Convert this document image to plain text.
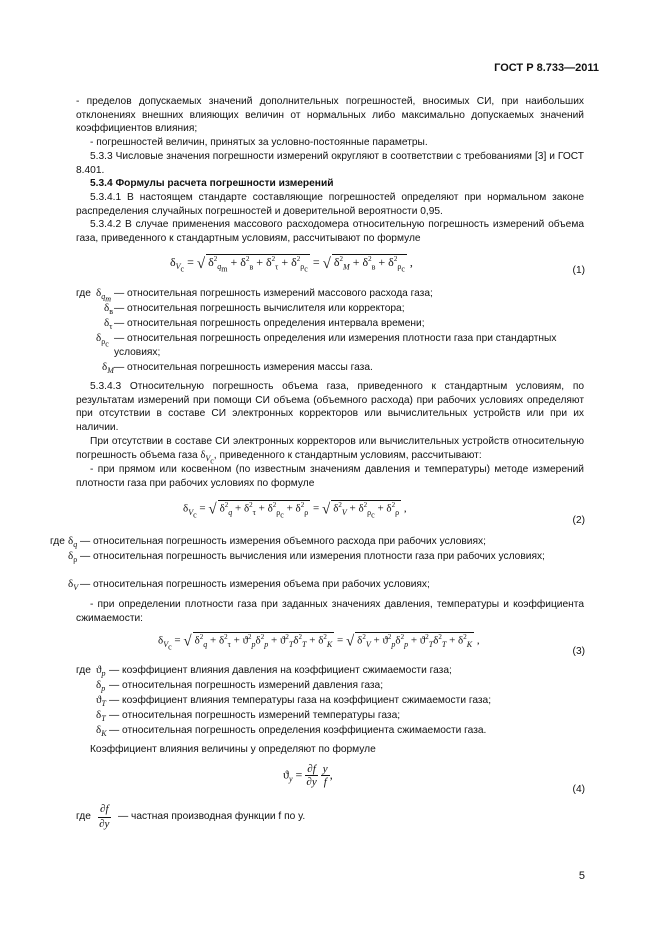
ГОСТ Р 8.733—2011
- пределов допускаемых значений дополнительных погрешностей, вносимых СИ, при наибольших отклонениях внешних влияющих величин от нормальных либо максимально допускаемых значений коэффициентов влияния;
- погрешностей величин, принятых за условно-постоянные параметры.
5.3.3 Числовые значения погрешности измерений округляют в соответствии с требованиями [3] и ГОСТ 8.401.
5.3.4 Формулы расчета погрешности измерений
5.3.4.1 В настоящем стандарте составляющие погрешностей определяют при нормальном законе распределения случайных погрешностей и доверительной вероятности 0,95.
5.3.4.2 В случае применения массового расходомера относительную погрешность измерений объема газа, приведенного к стандартным условиям, рассчитывают по формуле
$\delta_{V_c}$ = √ $\delta^2_{q_m} + \delta^2_в + \delta^2_\tau + \delta^2_{\rho_c}$ = √ $\delta^2_M + \delta^2_в + \delta^2_{\rho_c}$ ,
(1)
где $\delta_{q_m}$
— относительная погрешность измерений массового расхода газа;
$\delta_в$ — относительная погрешность вычислителя или корректора;
$\delta_\tau$ — относительная погрешность определения интервала времени;
$\delta_{\rho_c}$
— относительная погрешность определения или измерения плотности газа при стандартных условиях;
$\delta_M$ — относительная погрешность измерения массы газа.
5.3.4.3 Относительную погрешность объема газа, приведенного к стандартным условиям, по результатам измерений при помощи СИ объема (объемного расхода) при рабочих условиях определяют при отсутствии в составе СИ электронных корректоров или вычислительных устройств или при их наличии.
При отсутствии в составе СИ электронных корректоров или вычислительных устройств относительную погрешность объема газа $\delta_{V_c}$, приведенного к стандартным условиям, рассчитывают:
- при прямом или косвенном (по известным значениям давления и температуры) методе измерений плотности газа при рабочих условиях по формуле
$\delta_{V_c}$ = √ $\delta^2_q + \delta^2_\tau + \delta^2_{\rho_c} + \delta^2_\rho$ = √ $\delta^2_V + \delta^2_{\rho_c} + \delta^2_\rho$ ,
(2)
где $\delta_q$ — относительная погрешность измерения объемного расхода при рабочих условиях;
$\delta_\rho$ — относительная погрешность вычисления или измерения плотности газа при рабочих условиях;
$\delta_V$ — относительная погрешность измерения объема при рабочих условиях;
- при определении плотности газа при заданных значениях давления, температуры и коэффициента сжимаемости:
$\delta_{V_c}$ = √ $\delta^2_q + \delta^2_\tau + ϑ^2_p\delta^2_p + ϑ^2_T\delta^2_T + \delta^2_K$ = √ $\delta^2_V + ϑ^2_p\delta^2_p + ϑ^2_T\delta^2_T + \delta^2_K$ ,
(3)
где $ϑ_p$ — коэффициент влияния давления на коэффициент сжимаемости газа;
$\delta_p$ — относительная погрешность измерений давления газа;
$ϑ_T$ — коэффициент влияния температуры газа на коэффициент сжимаемости газа;
$\delta_T$ — относительная погрешность измерений температуры газа;
$\delta_K$ — относительная погрешность определения коэффициента сжимаемости газа.
Коэффициент влияния величины y определяют по формуле
$ϑ_y = \frac{\partial f}{\partial y}$
$\frac{y}{f}$ ,
(4)
где $\frac{\partial f}{\partial y}$ — частная производная функции f по y.
5
